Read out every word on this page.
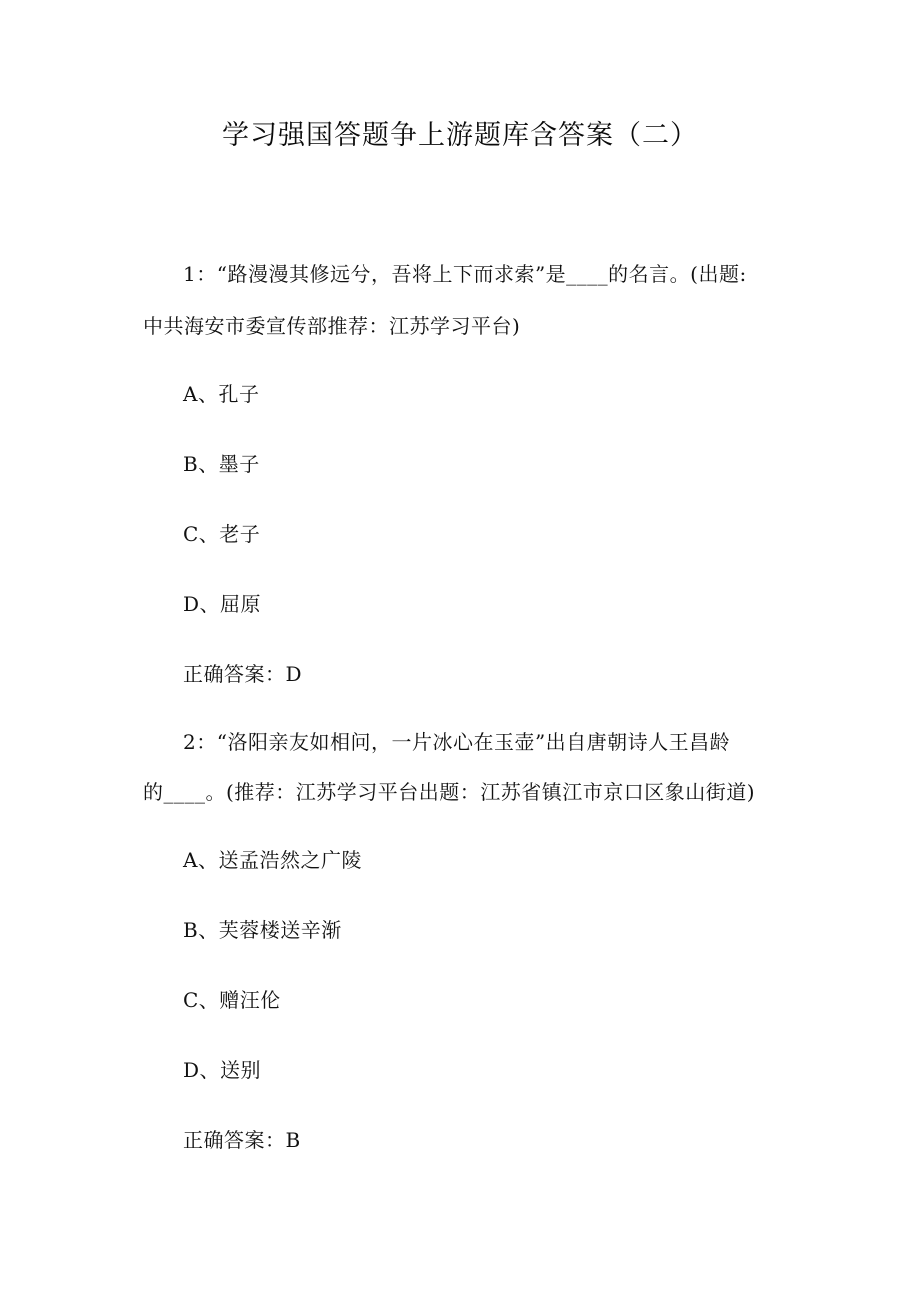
学习强国答题争上游题库含答案（二）
1：“路漫漫其修远兮，吾将上下而求索”是____的名言。(出题:
中共海安市委宣传部推荐：江苏学习平台)
A、孔子
B、墨子
C、老子
D、屈原
正确答案：D
2：“洛阳亲友如相问，一片冰心在玉壶”出自唐朝诗人王昌龄
的____。(推荐：江苏学习平台出题：江苏省镇江市京口区象山街道)
A、送孟浩然之广陵
B、芙蓉楼送辛渐
C、赠汪伦
D、送别
正确答案：B
